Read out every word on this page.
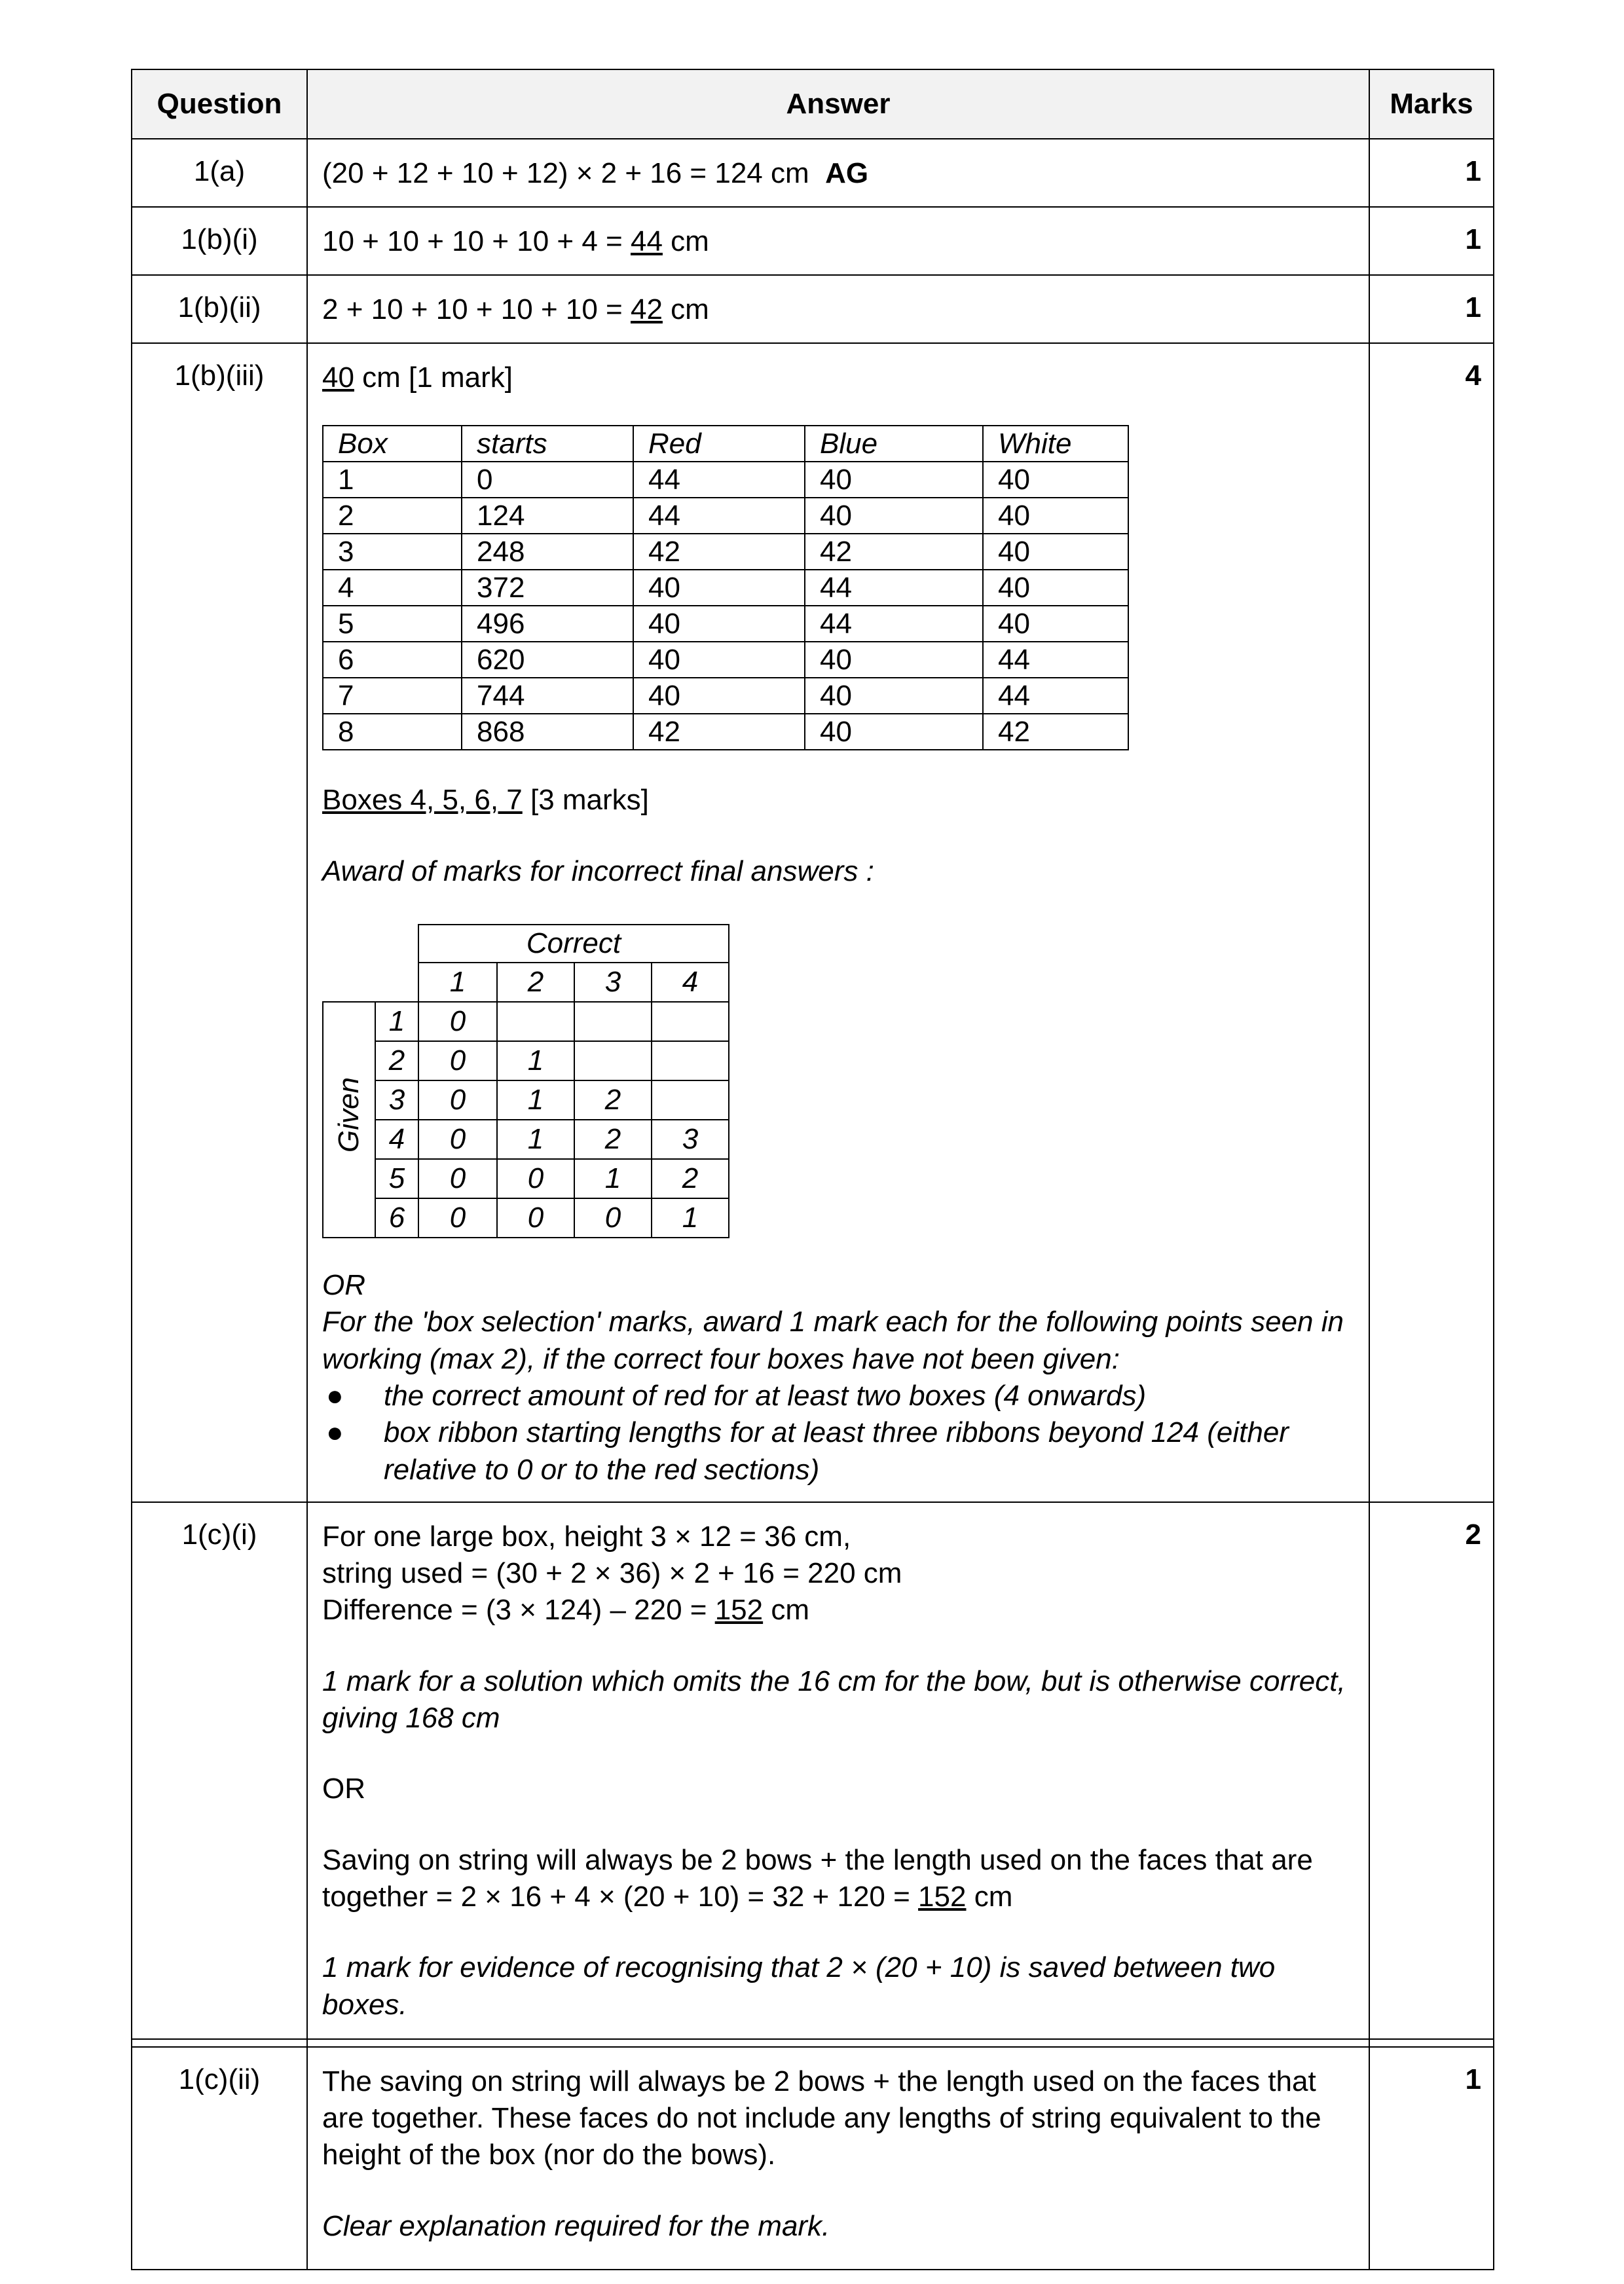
Question	Answer	Marks
1(a)	(20 + 12 + 10 + 12) × 2 + 16 = 124 cm AG	1
1(b)(i)	10 + 10 + 10 + 10 + 4 = 44 cm	1
1(b)(ii)	2 + 10 + 10 + 10 + 10 = 42 cm	1
1(b)(iii)	40 cm [1 mark]
Box	starts	Red	Blue	White
1	0	44	40	40
2	124	44	40	40
3	248	42	42	40
4	372	40	44	40
5	496	40	44	40
6	620	40	40	44
7	744	40	40	44
8	868	42	40	42
Boxes 4, 5, 6, 7 [3 marks]
Award of marks for incorrect final answers :
		Correct
		1	2	3	4
Given	1	0			
2	0	1		
3	0	1	2	
4	0	1	2	3
5	0	0	1	2
6	0	0	0	1
OR
For the 'box selection' marks, award 1 mark each for the following points seen in working (max 2), if the correct four boxes have not been given:
●	the correct amount of red for at least two boxes (4 onwards)
●	box ribbon starting lengths for at least three ribbons beyond 124 (either relative to 0 or to the red sections)
	4
1(c)(i)	For one large box, height 3 × 12 = 36 cm,
string used = (30 + 2 × 36) × 2 + 16 = 220 cm
Difference = (3 × 124) – 220 = 152 cm
1 mark for a solution which omits the 16 cm for the bow, but is otherwise correct, giving 168 cm
OR
Saving on string will always be 2 bows + the length used on the faces that are together = 2 × 16 + 4 × (20 + 10) = 32 + 120 = 152 cm
1 mark for evidence of recognising that 2 × (20 + 10) is saved between two boxes.
	2

1(c)(ii)	The saving on string will always be 2 bows + the length used on the faces that are together. These faces do not include any lengths of string equivalent to the height of the box (nor do the bows).
Clear explanation required for the mark.
	1
